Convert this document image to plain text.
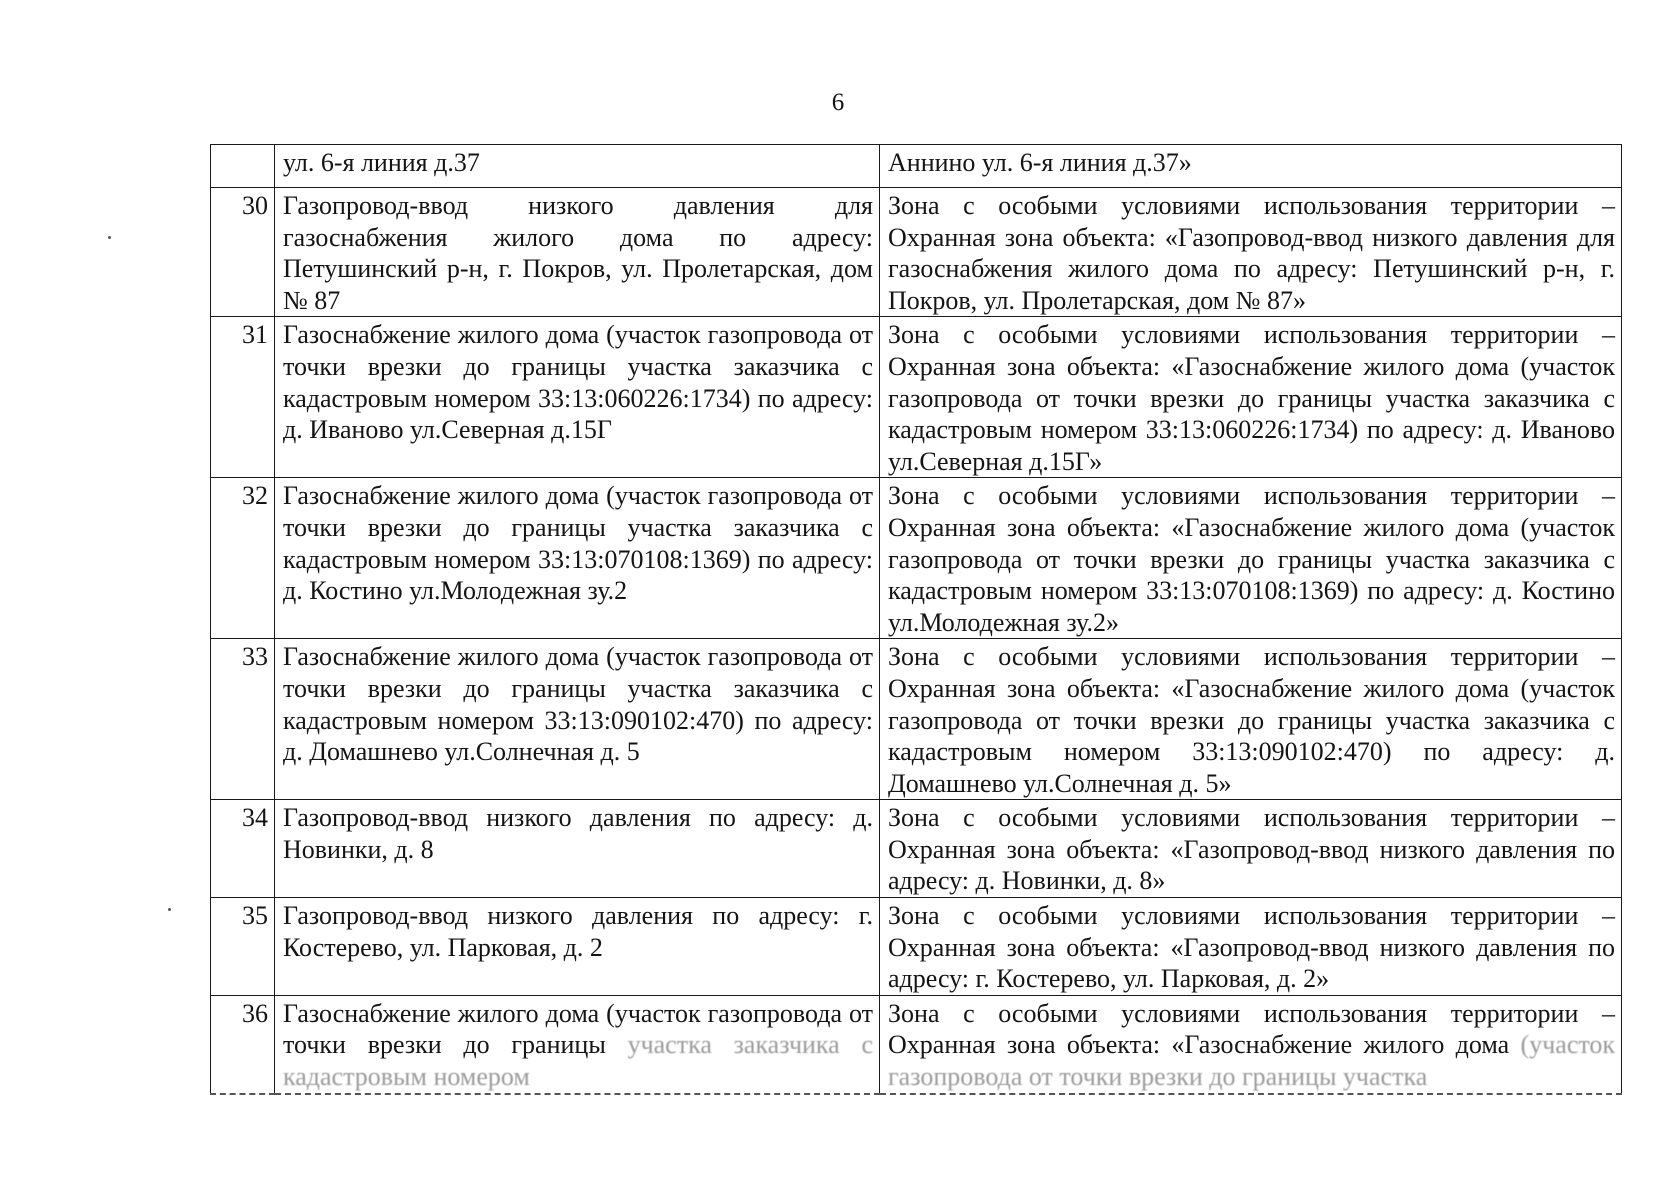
6
	ул. 6-я линия д.37	Аннино ул. 6-я линия д.37»
30	Газопровод-ввод низкого давления для газоснабжения жилого дома по адресу: Петушинский р-н, г. Покров, ул. Пролетарская, дом № 87	Зона с особыми условиями использования территории – Охранная зона объекта: «Газопровод-ввод низкого давления для газоснабжения жилого дома по адресу: Петушинский р-н, г. Покров, ул. Пролетарская, дом № 87»
31	Газоснабжение жилого дома (участок газопровода от точки врезки до границы участка заказчика с кадастровым номером 33:13:060226:1734) по адресу: д. Иваново ул.Северная д.15Г	Зона с особыми условиями использования территории – Охранная зона объекта: «Газоснабжение жилого дома (участок газопровода от точки врезки до границы участка заказчика с кадастровым номером 33:13:060226:1734) по адресу: д. Иваново ул.Северная д.15Г»
32	Газоснабжение жилого дома (участок газопровода от точки врезки до границы участка заказчика с кадастровым номером 33:13:070108:1369) по адресу: д. Костино ул.Молодежная зу.2	Зона с особыми условиями использования территории – Охранная зона объекта: «Газоснабжение жилого дома (участок газопровода от точки врезки до границы участка заказчика с кадастровым номером 33:13:070108:1369) по адресу: д. Костино ул.Молодежная зу.2»
33	Газоснабжение жилого дома (участок газопровода от точки врезки до границы участка заказчика с кадастровым номером 33:13:090102:470) по адресу: д. Домашнево ул.Солнечная д. 5	Зона с особыми условиями использования территории – Охранная зона объекта: «Газоснабжение жилого дома (участок газопровода от точки врезки до границы участка заказчика с кадастровым номером 33:13:090102:470) по адресу: д. Домашнево ул.Солнечная д. 5»
34	Газопровод-ввод низкого давления по адресу: д. Новинки, д. 8	Зона с особыми условиями использования территории – Охранная зона объекта: «Газопровод-ввод низкого давления по адресу: д. Новинки, д. 8»
35	Газопровод-ввод низкого давления по адресу: г. Костерево, ул. Парковая, д. 2	Зона с особыми условиями использования территории – Охранная зона объекта: «Газопровод-ввод низкого давления по адресу: г. Костерево, ул. Парковая, д. 2»
36	Газоснабжение жилого дома (участок газопровода от точки врезки до границы участка заказчика с кадастровым номером	Зона с особыми условиями использования территории – Охранная зона объекта: «Газоснабжение жилого дома (участок газопровода от точки врезки до границы участка
